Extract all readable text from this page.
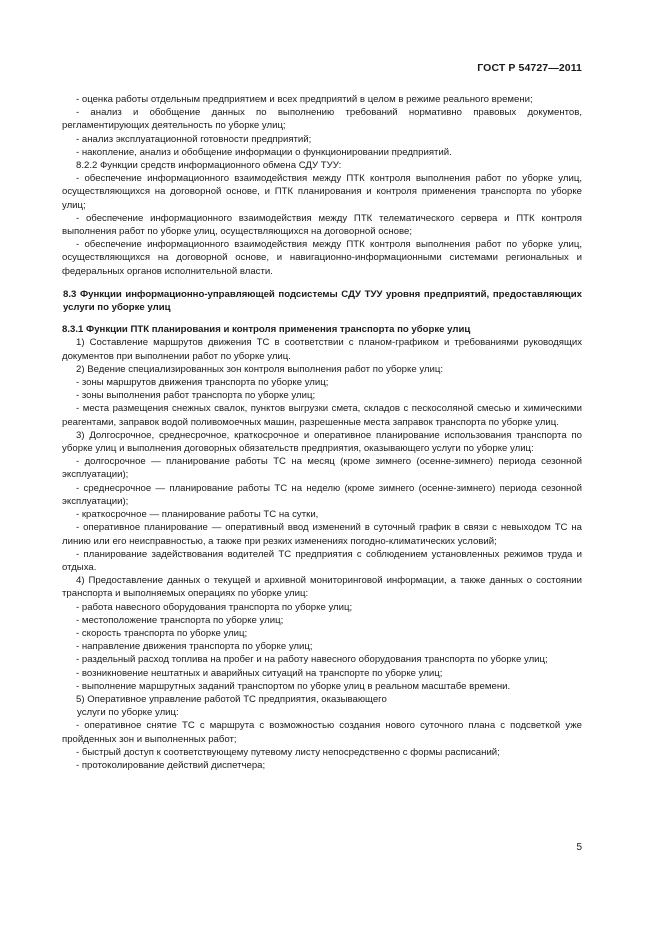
ГОСТ Р 54727—2011

- оценка работы отдельным предприятием и всех предприятий в целом в режиме реального времени;

- анализ и обобщение данных по выполнению требований нормативно правовых документов, регламентирующих деятельность по уборке улиц;

- анализ эксплуатационной готовности предприятий;

- накопление, анализ и обобщение информации о функционировании предприятий.

8.2.2 Функции средств информационного обмена СДУ ТУУ:

- обеспечение информационного взаимодействия между ПТК контроля выполнения работ по уборке улиц, осуществляющихся на договорной основе, и ПТК планирования и контроля применения транспорта по уборке улиц;

- обеспечение информационного взаимодействия между ПТК телематического сервера и ПТК контроля выполнения работ по уборке улиц, осуществляющихся на договорной основе;

- обеспечение информационного взаимодействия между ПТК контроля выполнения работ по уборке улиц, осуществляющихся на договорной основе, и навигационно-информационными системами региональных и федеральных органов исполнительной власти.

8.3 Функции информационно-управляющей подсистемы СДУ ТУУ уровня предприятий, предоставляющих услуги по уборке улиц

8.3.1 Функции ПТК планирования и контроля применения транспорта по уборке улиц

1) Составление маршрутов движения ТС в соответствии с планом-графиком и требованиями руководящих документов при выполнении работ по уборке улиц.

2) Ведение специализированных зон контроля выполнения работ по уборке улиц:

- зоны маршрутов движения транспорта по уборке улиц;

- зоны выполнения работ транспорта по уборке улиц;

- места размещения снежных свалок, пунктов выгрузки смета, складов с пескосоляной смесью и химическими реагентами, заправок водой поливомоечных машин, разрешенные места заправок транспорта по уборке улиц.

3) Долгосрочное, среднесрочное, краткосрочное и оперативное планирование использования транспорта по уборке улиц и выполнения договорных обязательств предприятия, оказывающего услуги по уборке улиц:

- долгосрочное — планирование работы ТС на месяц (кроме зимнего (осенне-зимнего) периода сезонной эксплуатации);

- среднесрочное — планирование работы ТС на неделю (кроме зимнего (осенне-зимнего) периода сезонной эксплуатации);

- краткосрочное — планирование работы ТС на сутки,

- оперативное планирование — оперативный ввод изменений в суточный график в связи с невыходом ТС на линию или его неисправностью, а также при резких изменениях погодно-климатических условий;

- планирование задействования водителей ТС предприятия с соблюдением установленных режимов труда и отдыха.

4) Предоставление данных о текущей и архивной мониторинговой информации, а также данных о состоянии транспорта и выполняемых операциях по уборке улиц:

- работа навесного оборудования транспорта по уборке улиц;

- местоположение транспорта по уборке улиц;

- скорость транспорта по уборке улиц;

- направление движения транспорта по уборке улиц;

- раздельный расход топлива на пробег и на работу навесного оборудования транспорта по уборке улиц;

- возникновение нештатных и аварийных ситуаций на транспорте по уборке улиц;

- выполнение маршрутных заданий транспортом по уборке улиц в реальном масштабе времени.

5) Оперативное управление работой ТС предприятия, оказывающего

услуги по уборке улиц:

- оперативное снятие ТС с маршрута с возможностью создания нового суточного плана с подсветкой уже пройденных зон и выполненных работ;

- быстрый доступ к соответствующему путевому листу непосредственно с формы расписаний;

- протоколирование действий диспетчера;

5
